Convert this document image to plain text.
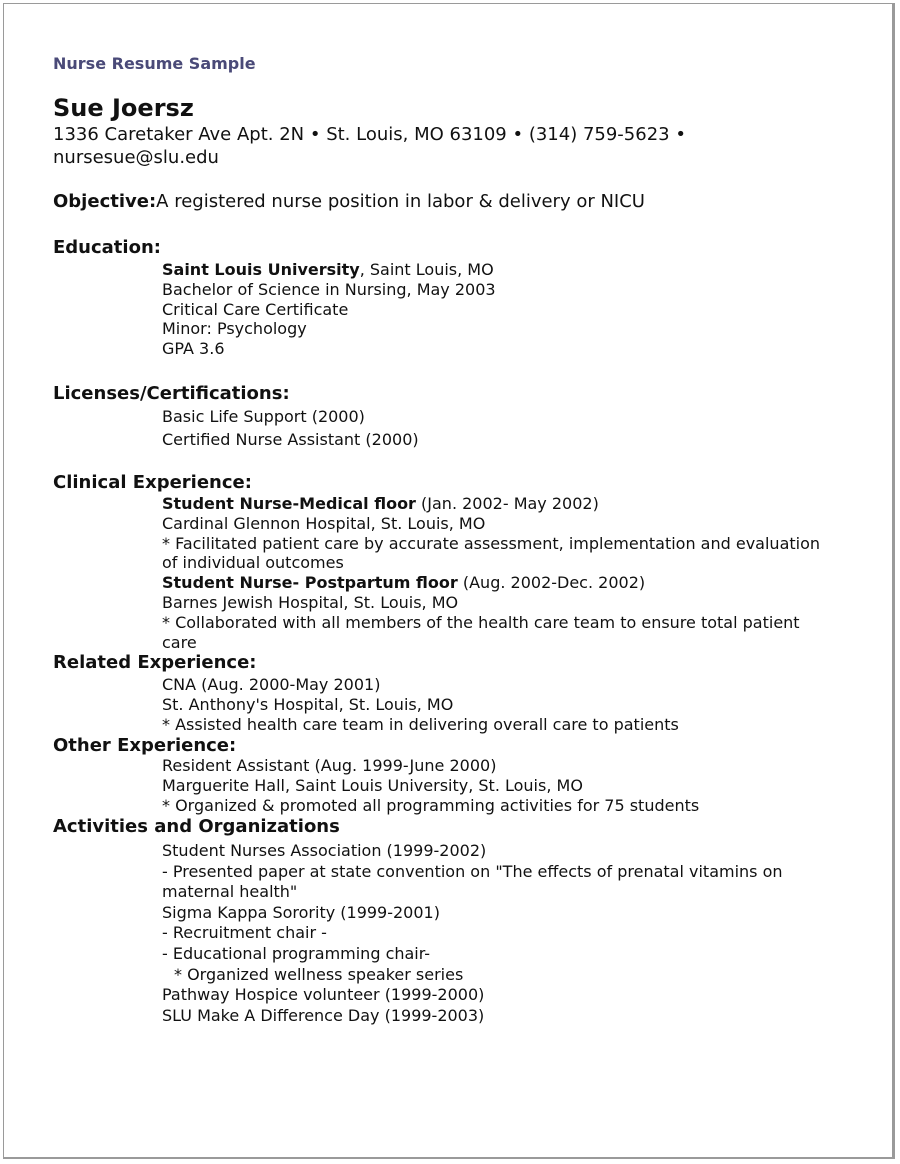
Nurse Resume Sample
Sue Joersz
1336 Caretaker Ave Apt. 2N • St. Louis, MO 63109 • (314) 759-5623 •
nursesue@slu.edu
Objective:A registered nurse position in labor & delivery or NICU
Education:
Saint Louis University, Saint Louis, MO
Bachelor of Science in Nursing, May 2003
Critical Care Certificate
Minor: Psychology
GPA 3.6
Licenses/Certifications:
Basic Life Support (2000)
Certified Nurse Assistant (2000)
Clinical Experience:
Student Nurse-Medical floor (Jan. 2002- May 2002)
Cardinal Glennon Hospital, St. Louis, MO
* Facilitated patient care by accurate assessment, implementation and evaluation
of individual outcomes
Student Nurse- Postpartum floor (Aug. 2002-Dec. 2002)
Barnes Jewish Hospital, St. Louis, MO
* Collaborated with all members of the health care team to ensure total patient
care
Related Experience:
CNA (Aug. 2000-May 2001)
St. Anthony's Hospital, St. Louis, MO
* Assisted health care team in delivering overall care to patients
Other Experience:
Resident Assistant (Aug. 1999-June 2000)
Marguerite Hall, Saint Louis University, St. Louis, MO
* Organized & promoted all programming activities for 75 students
Activities and Organizations
Student Nurses Association (1999-2002)
- Presented paper at state convention on "The effects of prenatal vitamins on
maternal health"
Sigma Kappa Sorority (1999-2001)
- Recruitment chair -
- Educational programming chair-
* Organized wellness speaker series
Pathway Hospice volunteer (1999-2000)
SLU Make A Difference Day (1999-2003)
